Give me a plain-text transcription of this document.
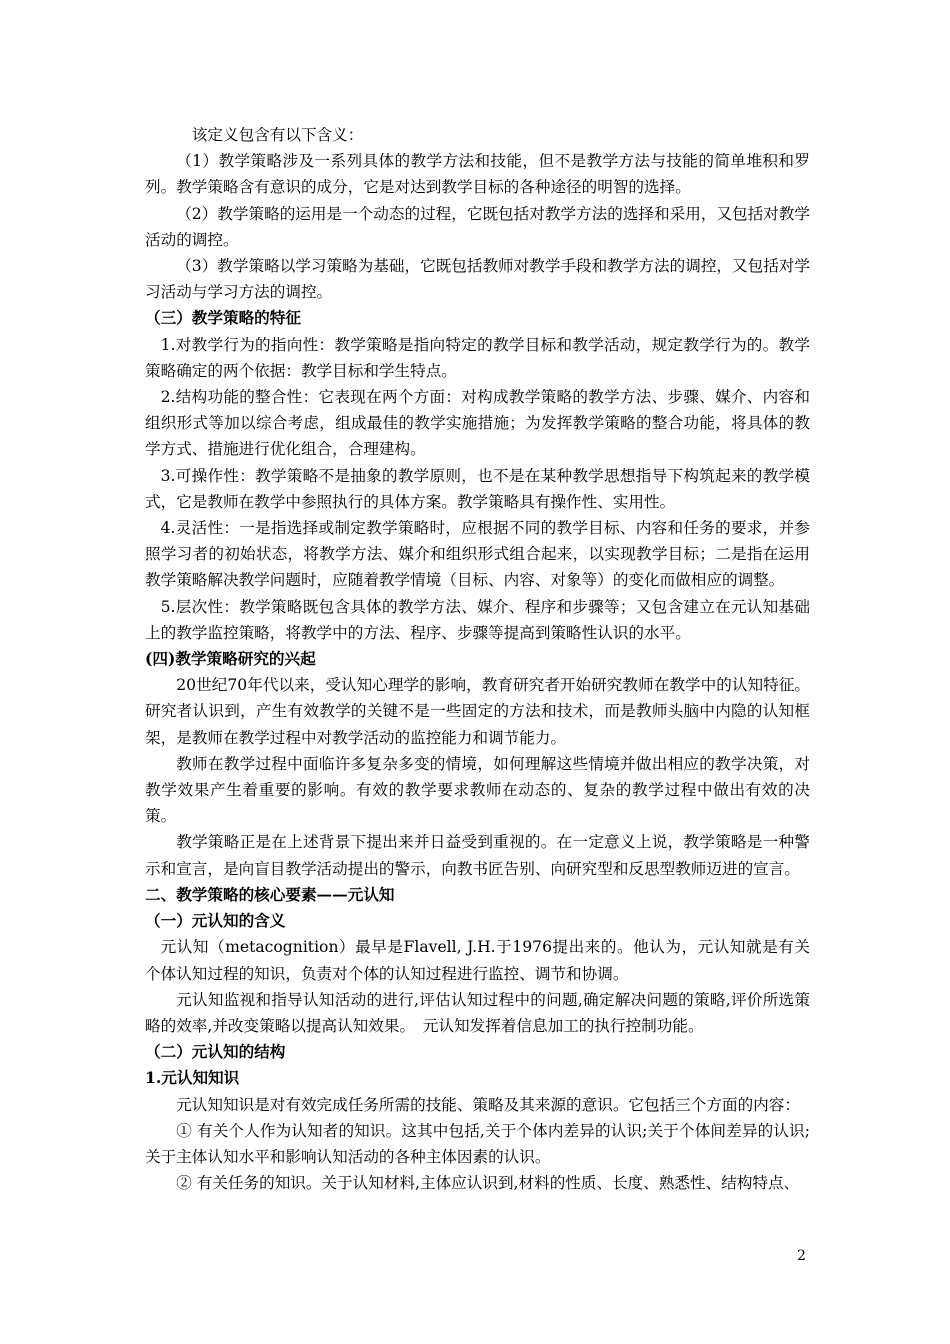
该定义包含有以下含义：

（1）教学策略涉及一系列具体的教学方法和技能，但不是教学方法与技能的简单堆积和罗列。教学策略含有意识的成分，它是对达到教学目标的各种途径的明智的选择。

（2）教学策略的运用是一个动态的过程，它既包括对教学方法的选择和采用，又包括对教学活动的调控。

（3）教学策略以学习策略为基础，它既包括教师对教学手段和教学方法的调控，又包括对学习活动与学习方法的调控。

（三）教学策略的特征

1.对教学行为的指向性：教学策略是指向特定的教学目标和教学活动，规定教学行为的。教学策略确定的两个依据：教学目标和学生特点。

2.结构功能的整合性：它表现在两个方面：对构成教学策略的教学方法、步骤、媒介、内容和组织形式等加以综合考虑，组成最佳的教学实施措施；为发挥教学策略的整合功能，将具体的教学方式、措施进行优化组合，合理建构。

3.可操作性：教学策略不是抽象的教学原则，也不是在某种教学思想指导下构筑起来的教学模式，它是教师在教学中参照执行的具体方案。教学策略具有操作性、实用性。

4.灵活性：一是指选择或制定教学策略时，应根据不同的教学目标、内容和任务的要求，并参照学习者的初始状态，将教学方法、媒介和组织形式组合起来，以实现教学目标；二是指在运用教学策略解决教学问题时，应随着教学情境（目标、内容、对象等）的变化而做相应的调整。

5.层次性：教学策略既包含具体的教学方法、媒介、程序和步骤等；又包含建立在元认知基础上的教学监控策略，将教学中的方法、程序、步骤等提高到策略性认识的水平。

(四)教学策略研究的兴起

20世纪70年代以来，受认知心理学的影响，教育研究者开始研究教师在教学中的认知特征。研究者认识到，产生有效教学的关键不是一些固定的方法和技术，而是教师头脑中内隐的认知框架，是教师在教学过程中对教学活动的监控能力和调节能力。

教师在教学过程中面临许多复杂多变的情境，如何理解这些情境并做出相应的教学决策，对教学效果产生着重要的影响。有效的教学要求教师在动态的、复杂的教学过程中做出有效的决策。

教学策略正是在上述背景下提出来并日益受到重视的。在一定意义上说，教学策略是一种警示和宣言，是向盲目教学活动提出的警示，向教书匠告别、向研究型和反思型教师迈进的宣言。

二、教学策略的核心要素——元认知

（一）元认知的含义

元认知（metacognition）最早是Flavell, J.H.于1976提出来的。他认为，元认知就是有关个体认知过程的知识，负责对个体的认知过程进行监控、调节和协调。

元认知监视和指导认知活动的进行,评估认知过程中的问题,确定解决问题的策略,评价所选策略的效率,并改变策略以提高认知效果。　元认知发挥着信息加工的执行控制功能。

（二）元认知的结构

1.元认知知识

元认知知识是对有效完成任务所需的技能、策略及其来源的意识。它包括三个方面的内容：

① 有关个人作为认知者的知识。这其中包括,关于个体内差异的认识;关于个体间差异的认识;关于主体认知水平和影响认知活动的各种主体因素的认识。

② 有关任务的知识。关于认知材料,主体应认识到,材料的性质、长度、熟悉性、结构特点、

2
